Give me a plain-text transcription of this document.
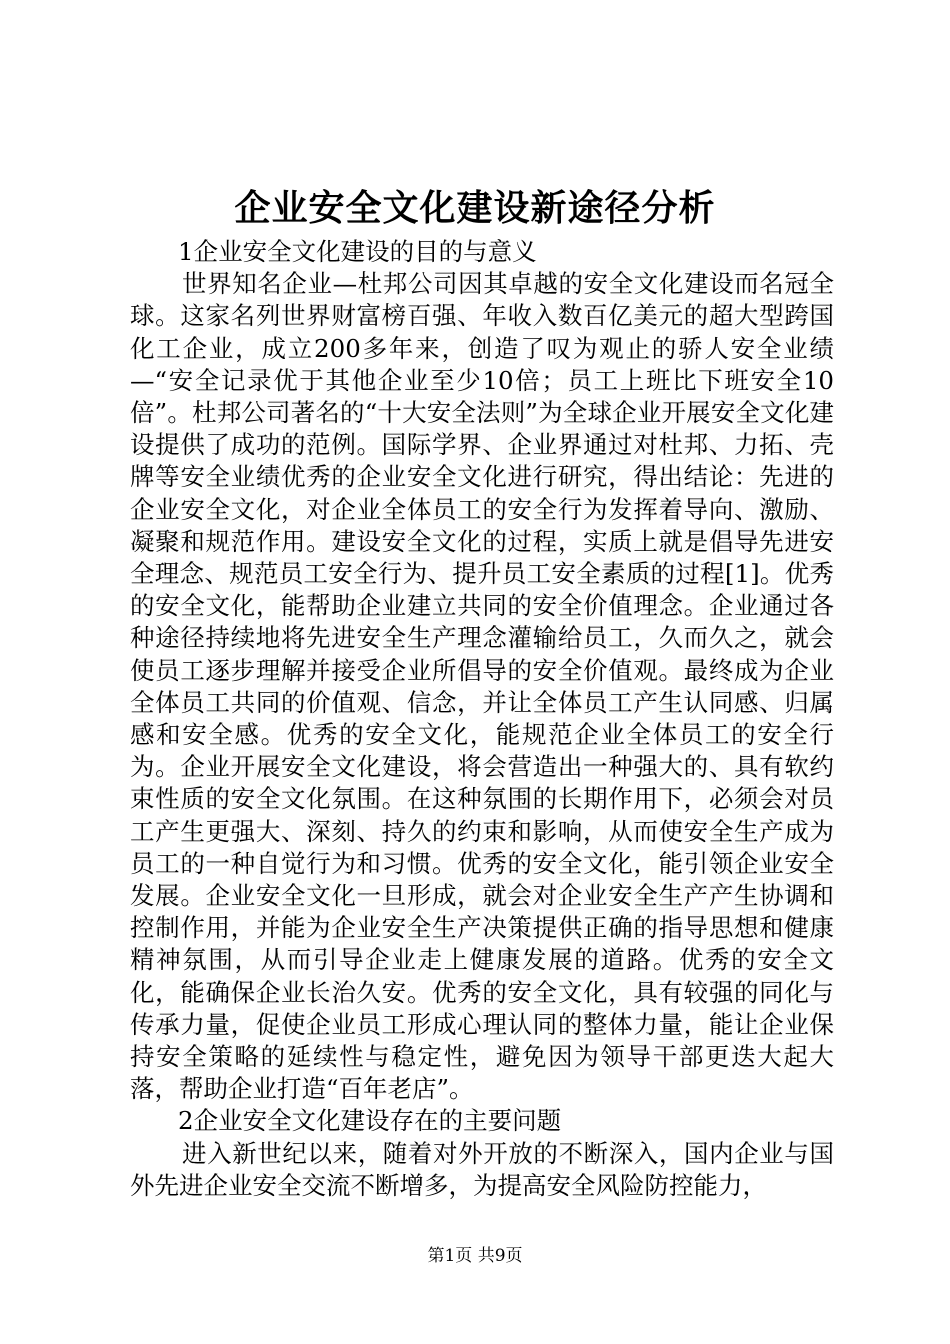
企业安全文化建设新途径分析

1企业安全文化建设的目的与意义

世界知名企业—杜邦公司因其卓越的安全文化建设而名冠全球。这家名列世界财富榜百强、年收入数百亿美元的超大型跨国化工企业，成立200多年来，创造了叹为观止的骄人安全业绩—“安全记录优于其他企业至少10倍；员工上班比下班安全10倍”。杜邦公司著名的“十大安全法则”为全球企业开展安全文化建设提供了成功的范例。国际学界、企业界通过对杜邦、力拓、壳牌等安全业绩优秀的企业安全文化进行研究，得出结论：先进的企业安全文化，对企业全体员工的安全行为发挥着导向、激励、凝聚和规范作用。建设安全文化的过程，实质上就是倡导先进安全理念、规范员工安全行为、提升员工安全素质的过程[1]。优秀的安全文化，能帮助企业建立共同的安全价值理念。企业通过各种途径持续地将先进安全生产理念灌输给员工，久而久之，就会使员工逐步理解并接受企业所倡导的安全价值观。最终成为企业全体员工共同的价值观、信念，并让全体员工产生认同感、归属感和安全感。优秀的安全文化，能规范企业全体员工的安全行为。企业开展安全文化建设，将会营造出一种强大的、具有软约束性质的安全文化氛围。在这种氛围的长期作用下，必须会对员工产生更强大、深刻、持久的约束和影响，从而使安全生产成为员工的一种自觉行为和习惯。优秀的安全文化，能引领企业安全发展。企业安全文化一旦形成，就会对企业安全生产产生协调和控制作用，并能为企业安全生产决策提供正确的指导思想和健康精神氛围，从而引导企业走上健康发展的道路。优秀的安全文化，能确保企业长治久安。优秀的安全文化，具有较强的同化与传承力量，促使企业员工形成心理认同的整体力量，能让企业保持安全策略的延续性与稳定性，避免因为领导干部更迭大起大落，帮助企业打造“百年老店”。

2企业安全文化建设存在的主要问题

进入新世纪以来，随着对外开放的不断深入，国内企业与国外先进企业安全交流不断增多，为提高安全风险防控能力，

第1页 共9页
